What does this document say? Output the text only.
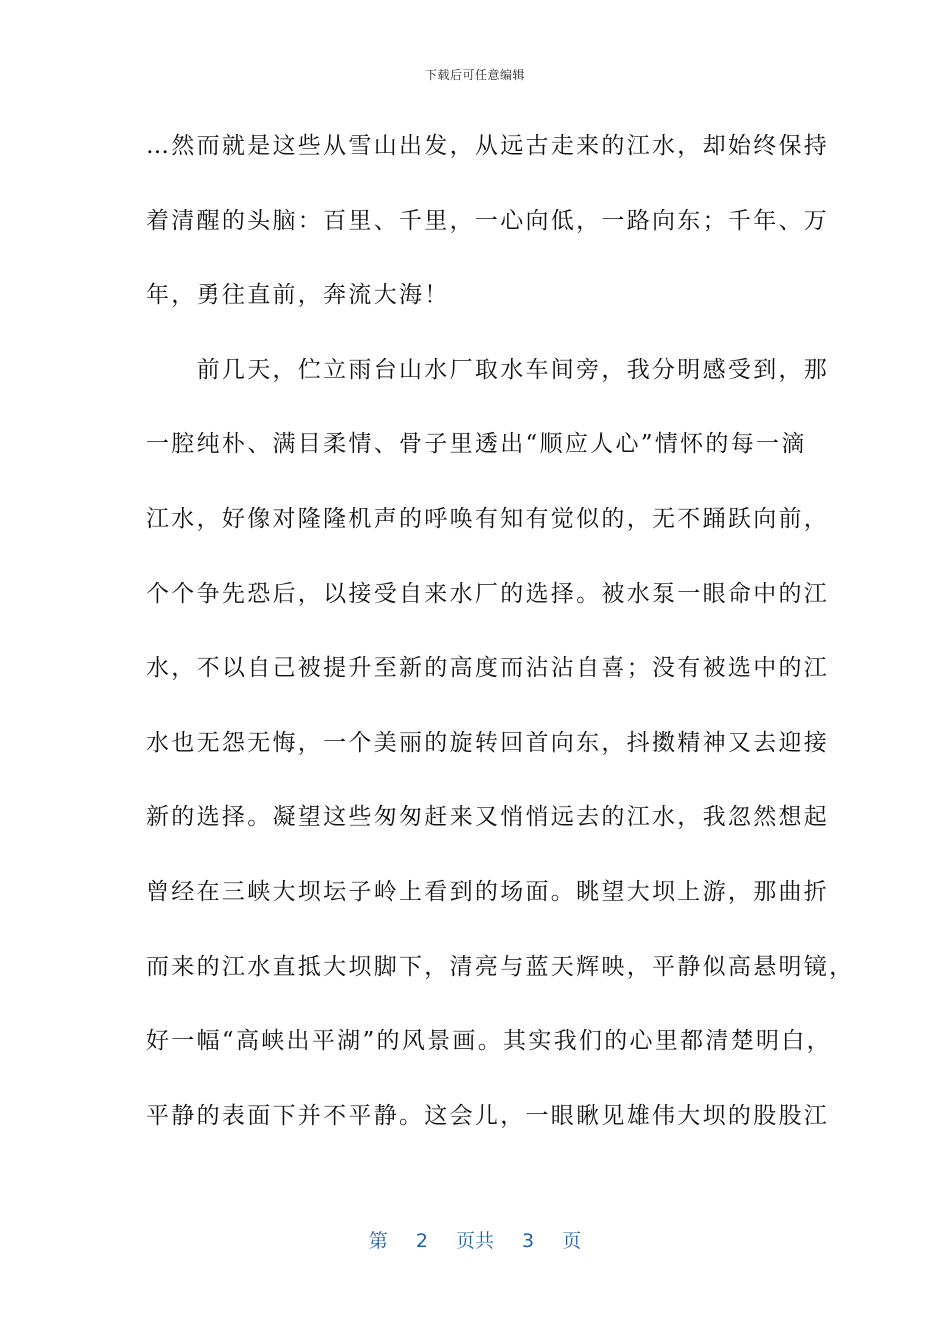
下载后可任意编辑
…然而就是这些从雪山出发，从远古走来的江水，却始终保持
着清醒的头脑：百里、千里，一心向低，一路向东；千年、万
年，勇往直前，奔流大海！
　　前几天，伫立雨台山水厂取水车间旁，我分明感受到，那
一腔纯朴、满目柔情、骨子里透出“顺应人心”情怀的每一滴
江水，好像对隆隆机声的呼唤有知有觉似的，无不踊跃向前，
个个争先恐后，以接受自来水厂的选择。被水泵一眼命中的江
水，不以自己被提升至新的高度而沾沾自喜；没有被选中的江
水也无怨无悔，一个美丽的旋转回首向东，抖擞精神又去迎接
新的选择。凝望这些匆匆赶来又悄悄远去的江水，我忽然想起
曾经在三峡大坝坛子岭上看到的场面。眺望大坝上游，那曲折
而来的江水直抵大坝脚下，清亮与蓝天辉映，平静似高悬明镜，
好一幅“高峡出平湖”的风景画。其实我们的心里都清楚明白，
平静的表面下并不平静。这会儿，一眼瞅见雄伟大坝的股股江
第 2 页共 3 页
